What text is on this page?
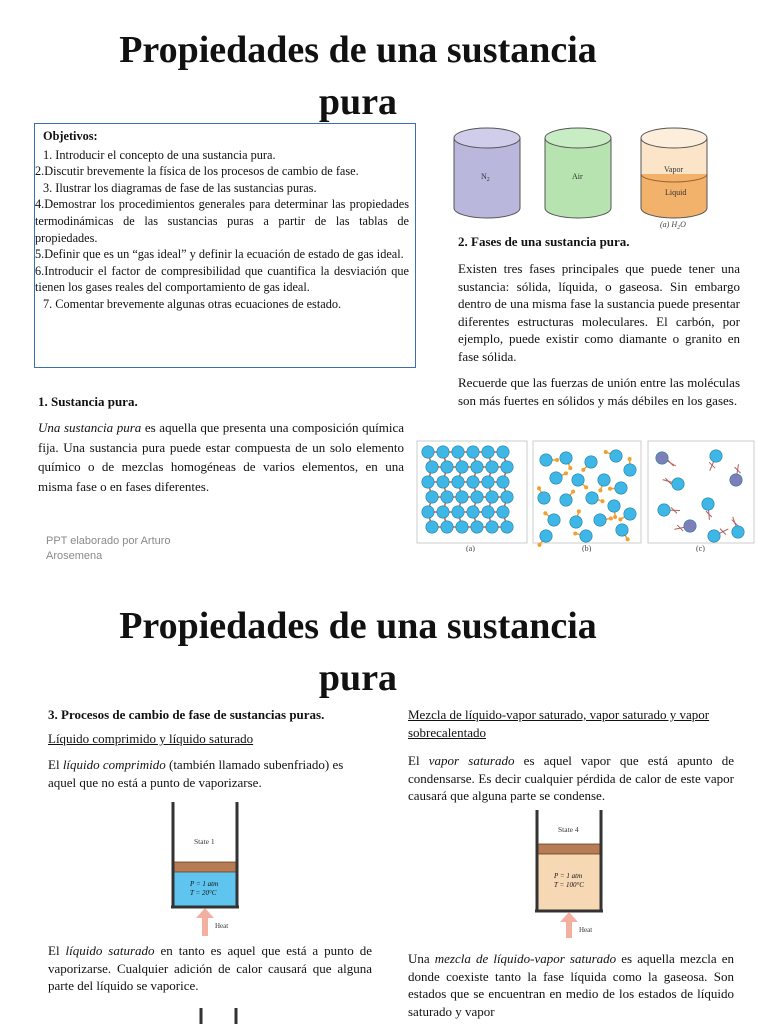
Propiedades de una sustancia
pura
Objetivos:
1. Introducir el concepto de una sustancia pura.
2.Discutir brevemente la física de los procesos de cambio de fase.
3. Ilustrar los diagramas de fase de las sustancias puras.
4.Demostrar los procedimientos generales para determinar las propiedades termodinámicas de las sustancias puras a partir de las tablas de propiedades.
5.Definir que es un “gas ideal” y definir la ecuación de estado de gas ideal.
6.Introducir el factor de compresibilidad que cuantifica la desviación que tienen los gases reales del comportamiento de gas ideal.
7. Comentar brevemente algunas otras ecuaciones de estado.
1. Sustancia pura.
Una sustancia pura es aquella que presenta una composición química fija. Una sustancia pura puede estar compuesta de un solo elemento químico o de mezclas homogéneas de varios elementos, en una misma fase o en fases diferentes.
PPT elaborado por Arturo Arosemena
$N_2$	Air
Vapor
Liquid
(a) $H_2O$
2. Fases de una sustancia pura.
Existen tres fases principales que puede tener una sustancia: sólida, líquida, o gaseosa. Sin embargo dentro de una misma fase la sustancia puede presentar diferentes estructuras moleculares. El carbón, por ejemplo, puede existir como diamante o granito en fase sólida.
Recuerde que las fuerzas de unión entre las moléculas son más fuertes en sólidos y más débiles en los gases.
(a)	(b)	(c)
Propiedades de una sustancia
pura
3. Procesos de cambio de fase de sustancias puras.
Líquido comprimido y líquido saturado
El líquido comprimido (también llamado subenfriado) es aquel que no está a punto de vaporizarse.
State 1
P = 1 atm
T = 20°C
Heat
El líquido saturado en tanto es aquel que está a punto de vaporizarse. Cualquier adición de calor causará que alguna parte del líquido se vaporice.
Mezcla de líquido-vapor saturado, vapor saturado y vapor sobrecalentado
El vapor saturado es aquel vapor que está apunto de condensarse. Es decir cualquier pérdida de calor de este vapor causará que alguna parte se condense.
State 4
P = 1 atm
T = 100°C
Heat
Una mezcla de líquido-vapor saturado es aquella mezcla en donde coexiste tanto la fase líquida como la gaseosa. Son estados que se encuentran en medio de los estados de líquido saturado y vapor
